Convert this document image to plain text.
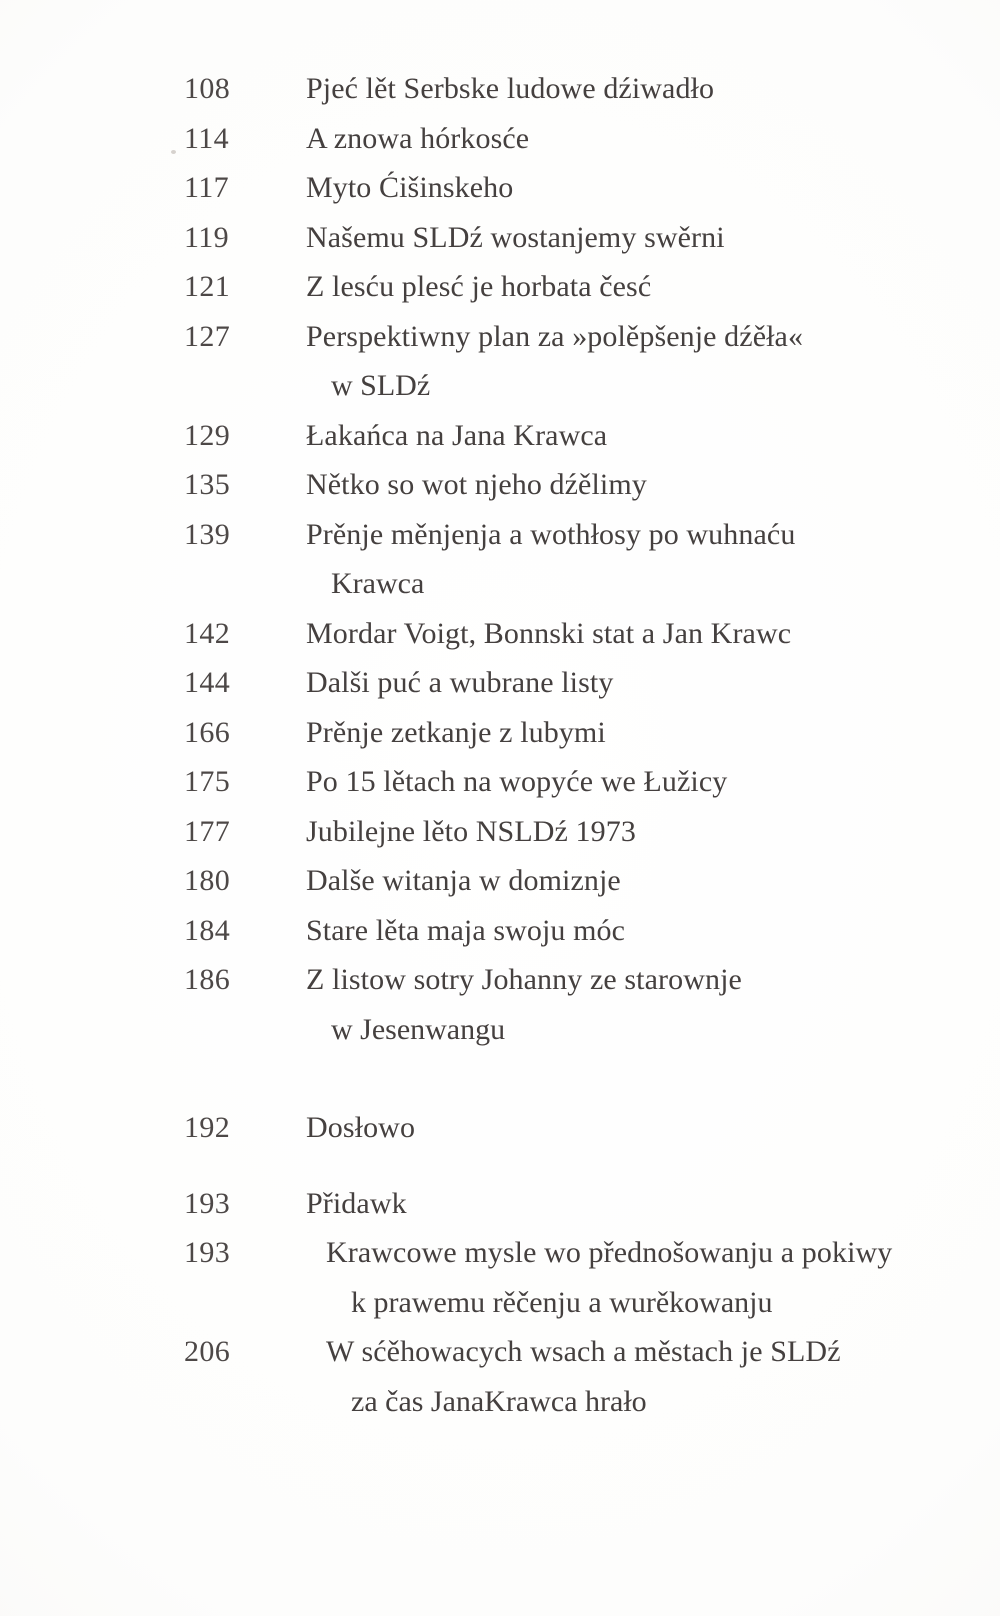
108	Pjeć lět Serbske ludowe dźiwadło
114	A znowa hórkosće
117	Myto Ćišinskeho
119	Našemu SLDź wostanjemy swěrni
121	Z lesću plesć je horbata česć
127	Perspektiwny plan za »polěpšenje dźěła«
w SLDź
129	Łakańca na Jana Krawca
135	Nětko so wot njeho dźělimy
139	Prěnje měnjenja a wothłosy po wuhnaću
Krawca
142	Mordar Voigt, Bonnski stat a Jan Krawc
144	Dalši puć a wubrane listy
166	Prěnje zetkanje z lubymi
175	Po 15 lětach na wopyće we Łužicy
177	Jubilejne lěto NSLDź 1973
180	Dalše witanja w domiznje
184	Stare lěta maja swoju móc
186	Z listow sotry Johanny ze starownje
w Jesenwangu
192	Dosłowo
193	Přidawk
193	Krawcowe mysle wo přednošowanju a pokiwy
k prawemu rěčenju a wurěkowanju
206	W sćěhowacych wsach a městach je SLDź
za čas JanaKrawca hrało
